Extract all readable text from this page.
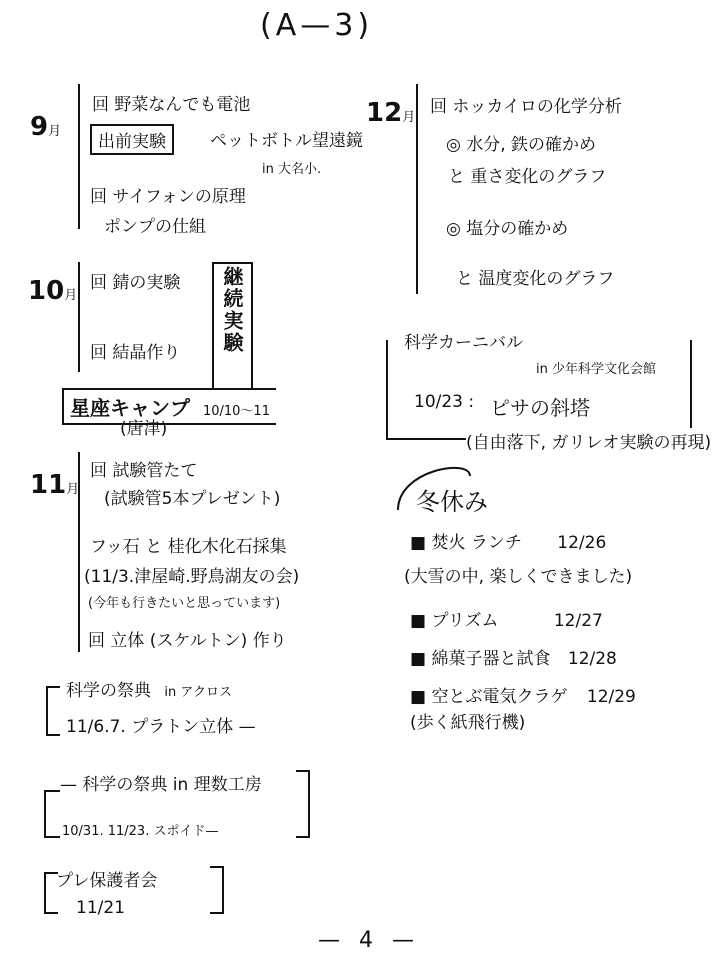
(A—3)
9月
回 野菜なんでも電池
出前実験	ペットボトル望遠鏡
in 大名小.
回 サイフォンの原理
ポンプの仕組
10月
回 錆の実験
回 結晶作り	継続実験
星座キャンプ 10/10〜11
(唐津)
11月
回 試験管たて
(試験管5本プレゼント)
フッ石 と 桂化木化石採集
(11/3.津屋崎.野鳥湖友の会)
(今年も行きたいと思っています)
回 立体 (スケルトン) 作り
科学の祭典 in アクロス
11/6.7. プラトン立体 —
— 科学の祭典 in 理数工房
10/31. 11/23. スポイド—
プレ保護者会
11/21
12月
回 ホッカイロの化学分析
◎ 水分, 鉄の確かめ
と 重さ変化のグラフ
◎ 塩分の確かめ
と 温度変化のグラフ
科学カーニバル
in 少年科学文化会館
10/23 : ピサの斜塔
(自由落下, ガリレオ実験の再現)
冬休み
■ 焚火 ランチ 12/26
(大雪の中, 楽しくできました)
■ プリズム	12/27
■ 綿菓子器と試食 12/28
■ 空とぶ電気クラゲ 12/29
(歩く紙飛行機)
— 4 —
